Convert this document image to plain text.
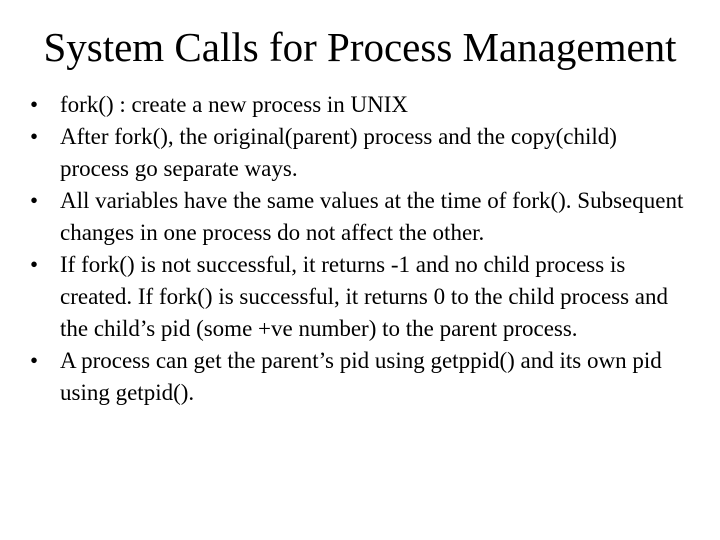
System Calls for Process Management
• fork() : create a new process in UNIX
• After fork(), the original(parent) process and the copy(child) process go separate ways.
• All variables have the same values at the time of fork(). Subsequent changes in one process do not affect the other.
• If fork() is not successful, it returns -1 and no child process is created. If fork() is successful, it returns 0 to the child process and the child’s pid (some +ve number) to the parent process.
• A process can get the parent’s pid using getppid() and its own pid using getpid().
